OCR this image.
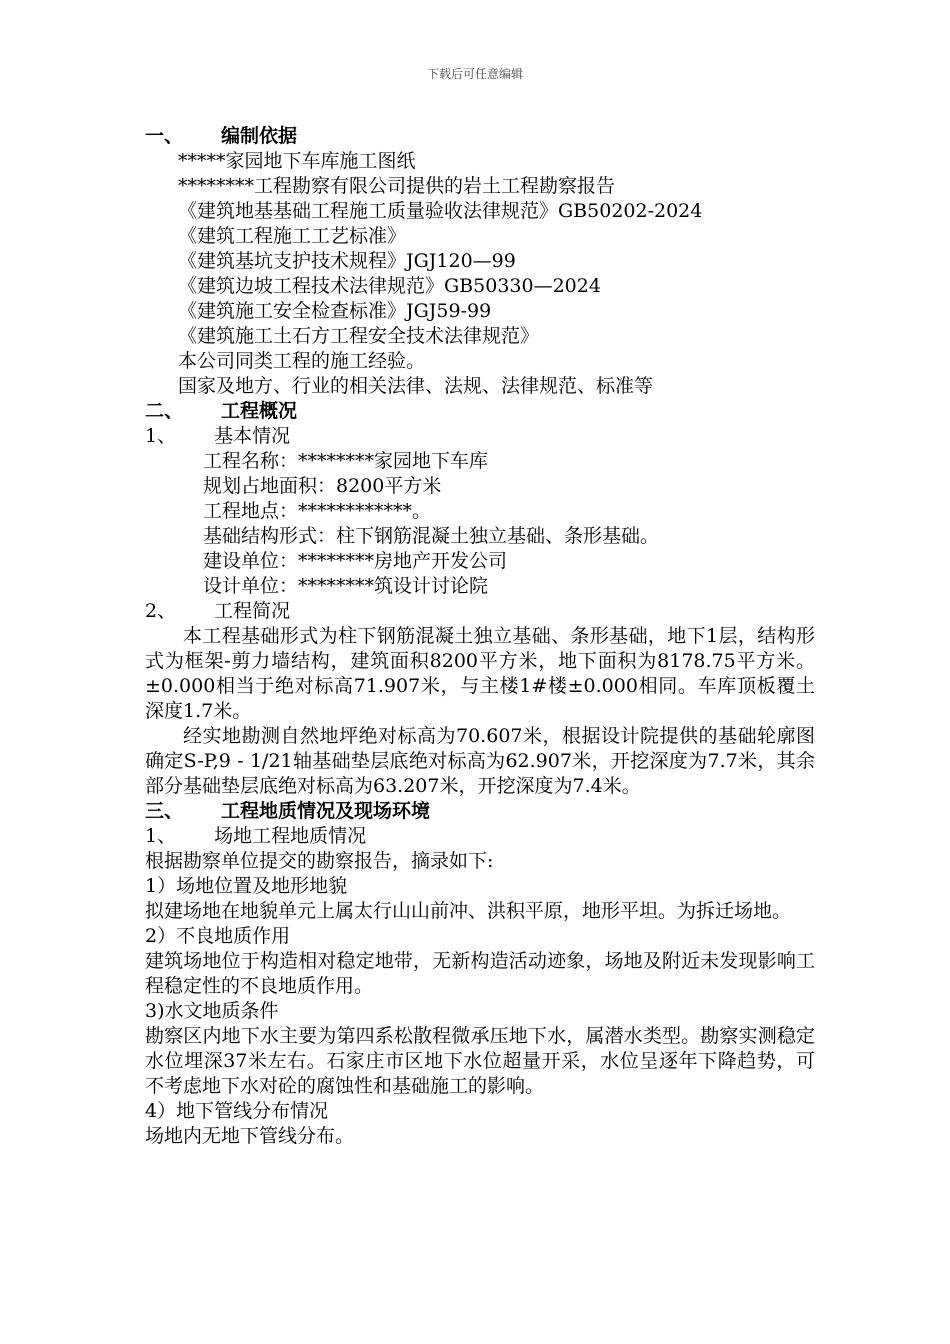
下载后可任意编辑
一、 编制依据
*****家园地下车库施工图纸
********工程勘察有限公司提供的岩土工程勘察报告
《建筑地基基础工程施工质量验收法律规范》GB50202-2024
《建筑工程施工工艺标准》
《建筑基坑支护技术规程》JGJ120—99
《建筑边坡工程技术法律规范》GB50330—2024
《建筑施工安全检查标准》JGJ59-99
《建筑施工土石方工程安全技术法律规范》
本公司同类工程的施工经验。
国家及地方、行业的相关法律、法规、法律规范、标准等
二、 工程概况
1、 基本情况
工程名称：********家园地下车库
规划占地面积：8200平方米
工程地点：************。
基础结构形式：柱下钢筋混凝土独立基础、条形基础。
建设单位：********房地产开发公司
设计单位：********筑设计讨论院
2、 工程简况
本工程基础形式为柱下钢筋混凝土独立基础、条形基础，地下1层，结构形式为框架-剪力墙结构，建筑面积8200平方米，地下面积为8178.75平方米。±0.000相当于绝对标高71.907米，与主楼1#楼±0.000相同。车库顶板覆土深度1.7米。
经实地勘测自然地坪绝对标高为70.607米，根据设计院提供的基础轮廓图确定S-P,9 - 1/21轴基础垫层底绝对标高为62.907米，开挖深度为7.7米，其余部分基础垫层底绝对标高为63.207米，开挖深度为7.4米。
三、 工程地质情况及现场环境
1、 场地工程地质情况
根据勘察单位提交的勘察报告，摘录如下:
1）场地位置及地形地貌
拟建场地在地貌单元上属太行山山前冲、洪积平原，地形平坦。为拆迁场地。
2）不良地质作用
建筑场地位于构造相对稳定地带，无新构造活动迹象，场地及附近未发现影响工程稳定性的不良地质作用。
3)水文地质条件
勘察区内地下水主要为第四系松散程微承压地下水，属潜水类型。勘察实测稳定水位埋深37米左右。石家庄市区地下水位超量开采，水位呈逐年下降趋势，可不考虑地下水对砼的腐蚀性和基础施工的影响。
4）地下管线分布情况
场地内无地下管线分布。
